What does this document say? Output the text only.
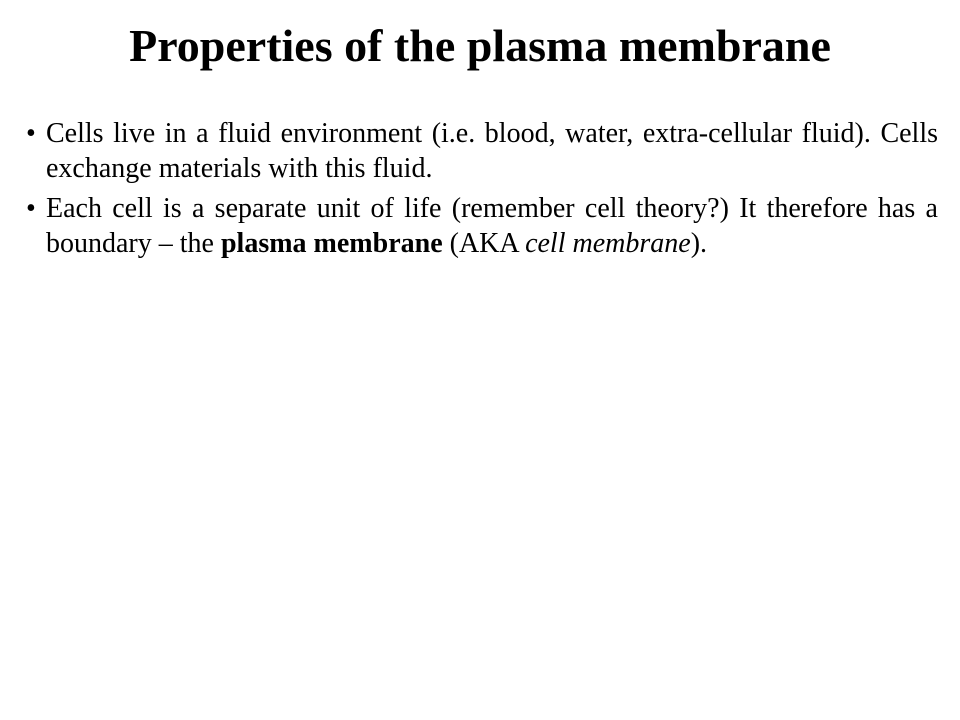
Properties of the plasma membrane
• Cells live in a fluid environment (i.e. blood, water, extra-cellular fluid). Cells exchange materials with this fluid.
• Each cell is a separate unit of life (remember cell theory?) It therefore has a boundary – the plasma membrane (AKA cell membrane).
